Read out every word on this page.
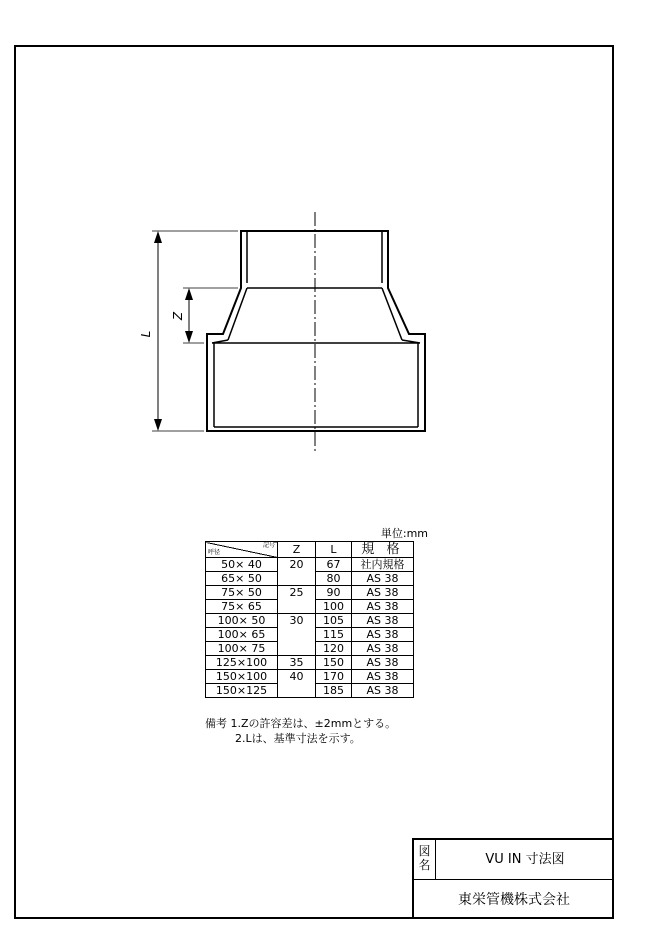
L
Z
単位:mm
記号
呼径	Z	L	規 格
50× 40	20	67	社内規格
65× 50		80	AS 38
75× 50	25	90	AS 38
75× 65		100	AS 38
100× 50	30	105	AS 38
100× 65		115	AS 38
100× 75		120	AS 38
125×100	35	150	AS 38
150×100	40	170	AS 38
150×125		185	AS 38
備考 1.Zの許容差は、±2mmとする。
2.Lは、基準寸法を示す。
図名	VU IN 寸法図
東栄管機株式会社
